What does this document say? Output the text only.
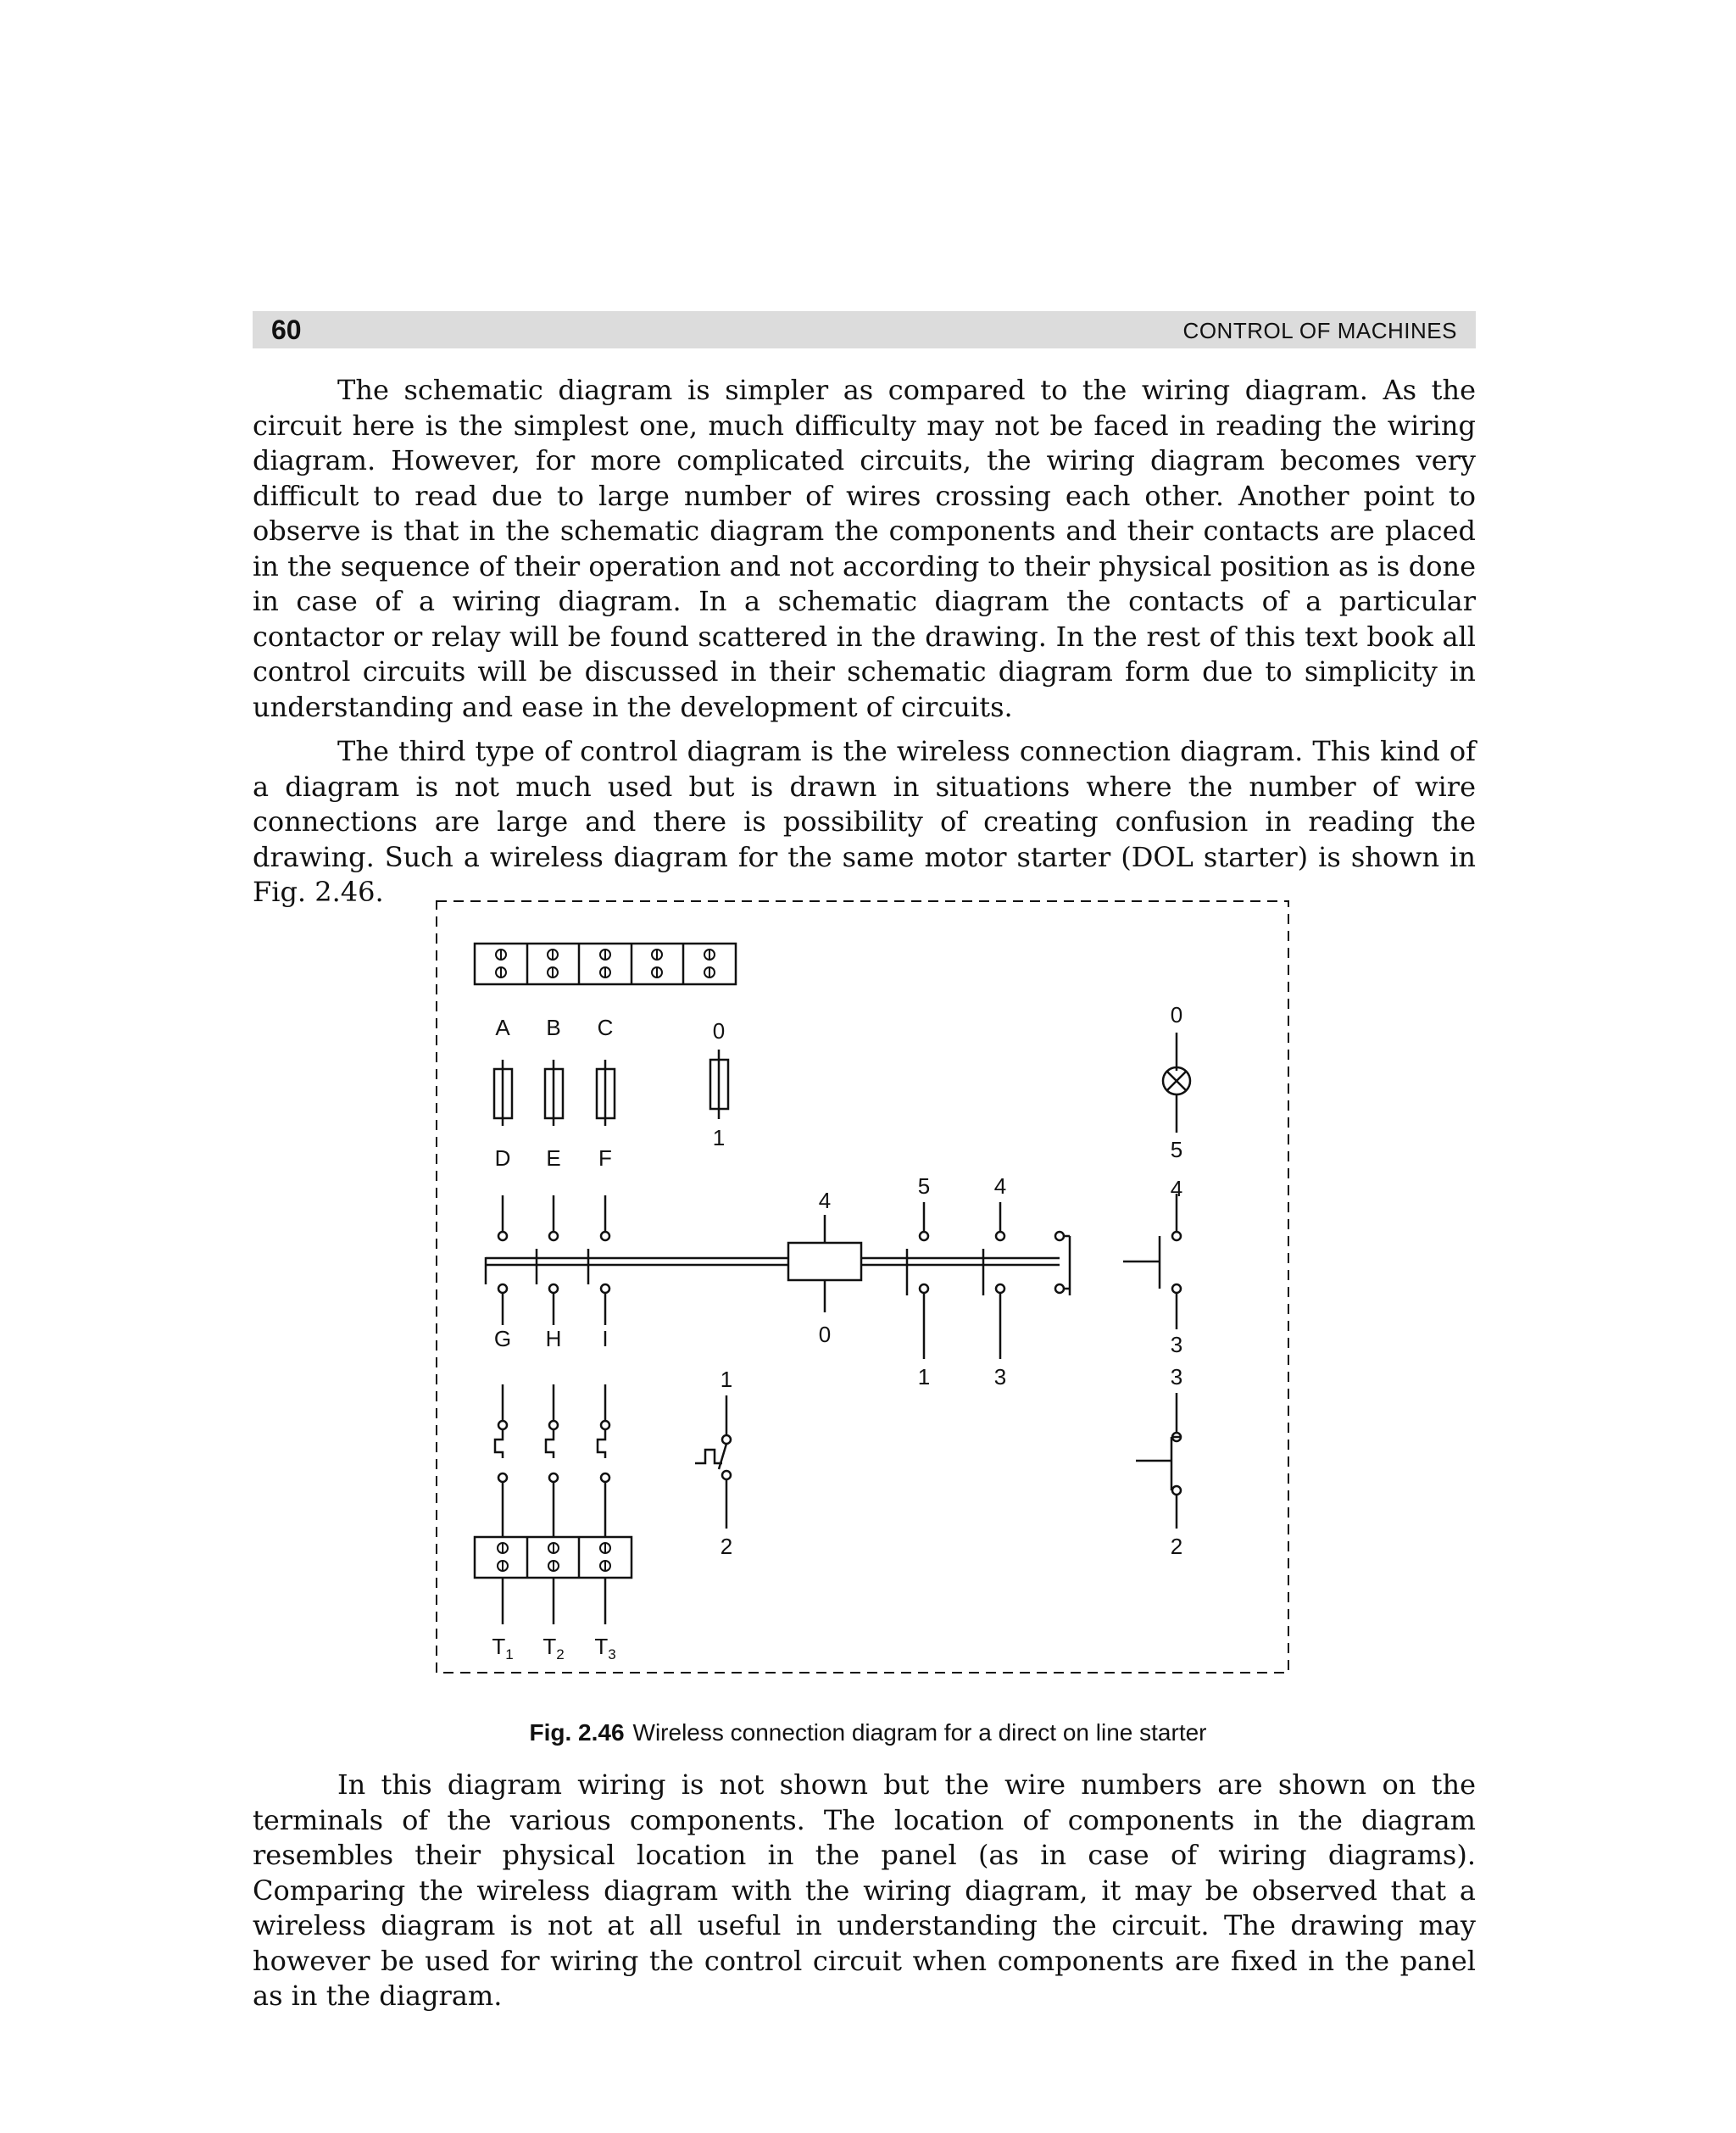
60	CONTROL OF MACHINES

The schematic diagram is simpler as compared to the wiring diagram. As the circuit here is the simplest one, much difficulty may not be faced in reading the wiring diagram. However, for more complicated circuits, the wiring diagram becomes very difficult to read due to large number of wires crossing each other. Another point to observe is that in the schematic diagram the components and their contacts are placed in the sequence of their operation and not according to their physical position as is done in case of a wiring diagram. In a schematic diagram the contacts of a particular contactor or relay will be found scattered in the drawing. In the rest of this text book all control circuits will be discussed in their schematic diagram form due to simplicity in understanding and ease in the development of circuits.

The third type of control diagram is the wireless connection diagram. This kind of a diagram is not much used but is drawn in situations where the number of wire connections are large and there is possibility of creating confusion in reading the drawing. Such a wireless diagram for the same motor starter (DOL starter) is shown in Fig. 2.46.

A B C
D E F
0
1
0
5
G H I
4
0
5
1
4
3
4
3
1
2
3
2
$T_1$ $T_2$ $T_3$
Fig. 2.46 Wireless connection diagram for a direct on line starter

In this diagram wiring is not shown but the wire numbers are shown on the terminals of the various components. The location of components in the diagram resembles their physical location in the panel (as in case of wiring diagrams). Comparing the wireless diagram with the wiring diagram, it may be observed that a wireless diagram is not at all useful in understanding the circuit. The drawing may however be used for wiring the control circuit when components are fixed in the panel as in the diagram.
